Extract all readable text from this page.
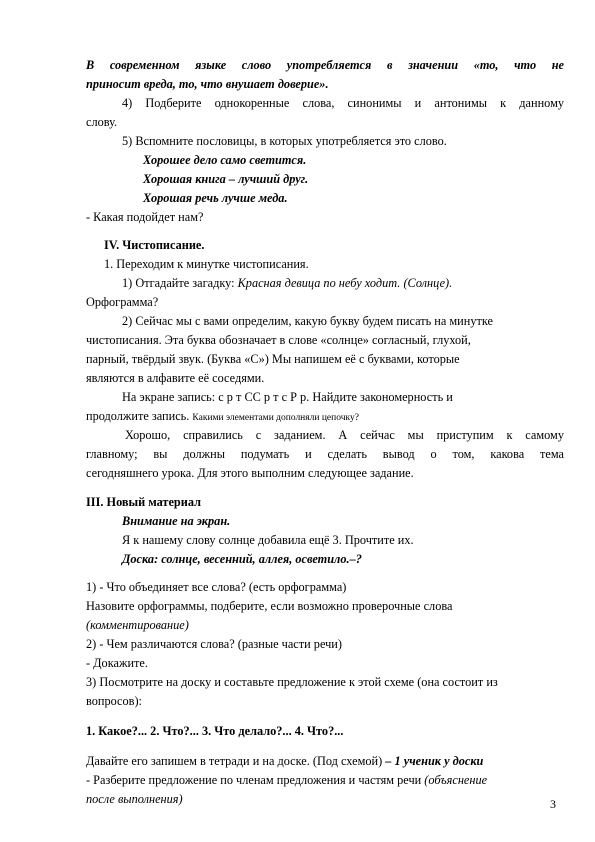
В современном языке слово употребляется в значении «то, что не
приносит вреда, то, что внушает доверие».
4) Подберите однокоренные слова, синонимы и антонимы к данному
слову.
5) Вспомните пословицы, в которых употребляется это слово.
Хорошее дело само светится.
Хорошая книга – лучший друг.
Хорошая речь лучше меда.
- Какая подойдет нам?
IV. Чистописание.
1. Переходим к минутке чистописания.
1) Отгадайте загадку: Красная девица по небу ходит. (Солнце).
Орфограмма?
2) Сейчас мы с вами определим, какую букву будем писать на минутке
чистописания. Эта буква обозначает в слове «солнце» согласный, глухой,
парный, твёрдый звук. (Буква «С») Мы напишем её с буквами, которые
являются в алфавите её соседями.
На экране запись: с р т СС р т с Р р. Найдите закономерность и
продолжите запись. Какими элементами дополняли цепочку?
Хорошо, справились с заданием. А сейчас мы приступим к самому
главному; вы должны подумать и сделать вывод о том, какова тема
сегодняшнего урока. Для этого выполним следующее задание.
III. Новый материал
Внимание на экран.
Я к нашему слову солнце добавила ещё 3. Прочтите их.
Доска: солнце, весенний, аллея, осветило.–?
1) - Что объединяет все слова? (есть орфограмма)
Назовите орфограммы, подберите, если возможно проверочные слова
(комментирование)
2) - Чем различаются слова? (разные части речи)
- Докажите.
3) Посмотрите на доску и составьте предложение к этой схеме (она состоит из
вопросов):
1. Какое?... 2. Что?... 3. Что делало?... 4. Что?...
Давайте его запишем в тетради и на доске. (Под схемой) – 1 ученик у доски
- Разберите предложение по членам предложения и частям речи (объяснение
после выполнения)	3
